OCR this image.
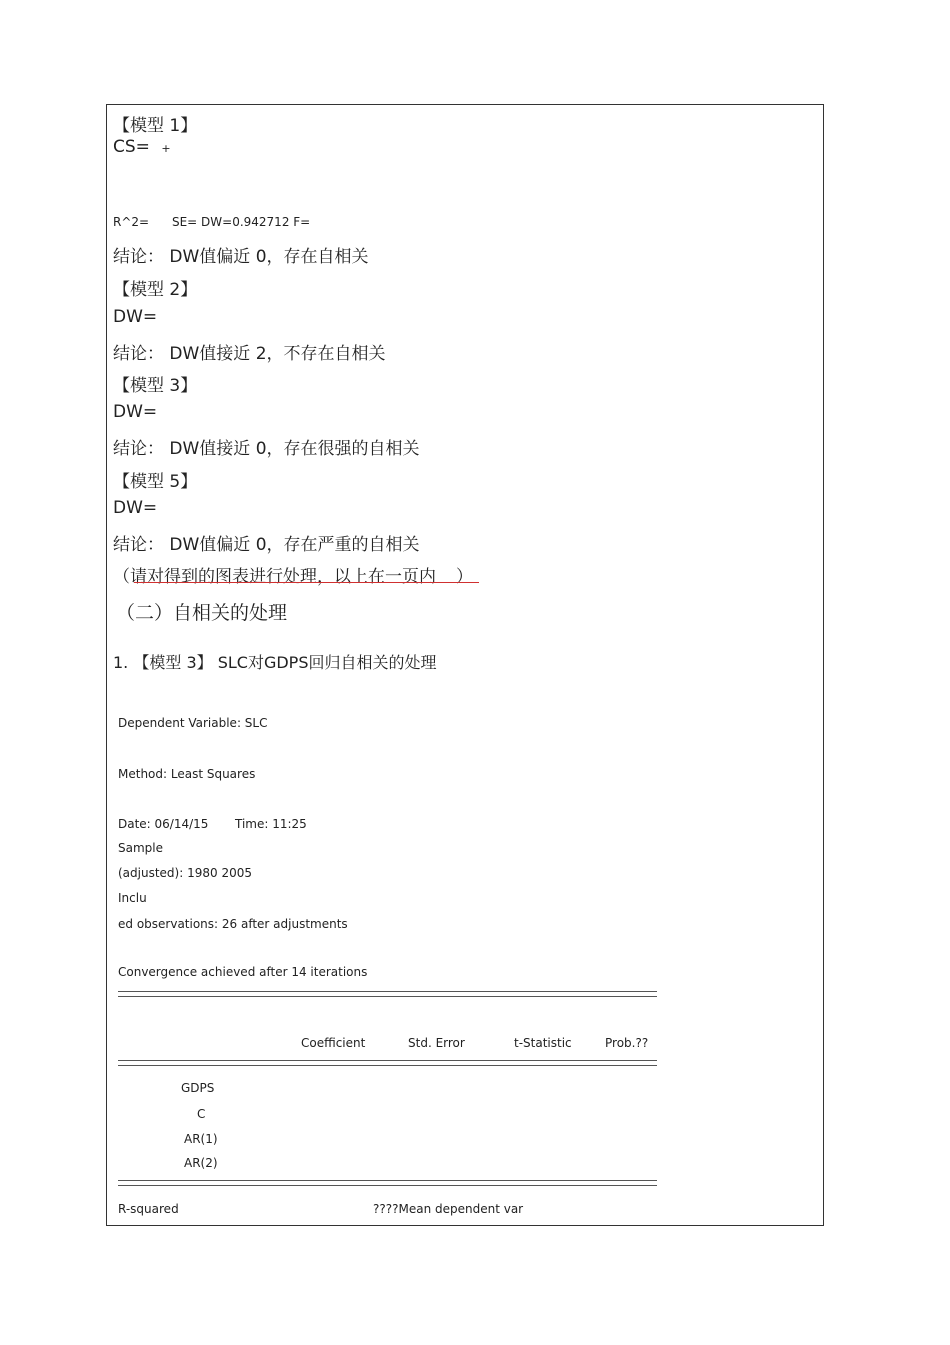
【模型 1】
CS= +
R^2=      SE= DW=0.942712 F=
结论： DW值偏近 0，存在自相关
【模型 2】
DW=
结论： DW值接近 2，不存在自相关
【模型 3】
DW=
结论： DW值接近 0，存在很强的自相关
【模型 5】
DW=
结论： DW值偏近 0，存在严重的自相关
（请对得到的图表进行处理，以上在一页内 ）
（二）自相关的处理
1. 【模型 3】 SLC对GDPS回归自相关的处理
Dependent Variable: SLC
Method: Least Squares
Date: 06/14/15 Time: 11:25
Sample
(adjusted): 1980 2005
Inclu
ed observations: 26 after adjustments
Convergence achieved after 14 iterations
Coefficient	Std. Error	t-Statistic	Prob.??
GDPS
C
AR(1)
AR(2)
R-squared	????Mean dependent var
